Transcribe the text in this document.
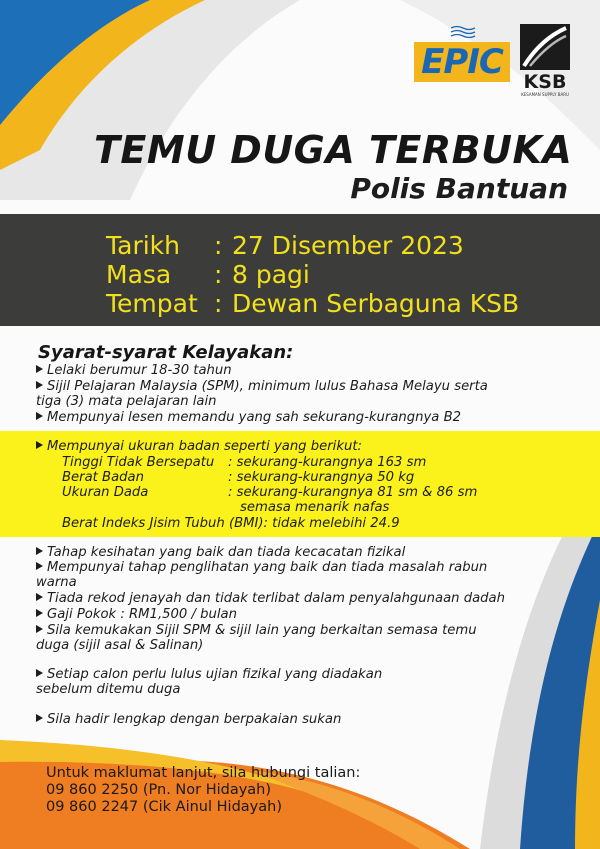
EPIC KSB
KESAMAN SUPPLY BARU
TEMU DUGA TERBUKA
Polis Bantuan
Tarikh : 27 Disember 2023
Masa : 8 pagi
Tempat : Dewan Serbaguna KSB
Syarat-syarat Kelayakan:
Lelaki berumur 18-30 tahun
Sijil Pelajaran Malaysia (SPM), minimum lulus Bahasa Melayu serta
tiga (3) mata pelajaran lain
Mempunyai lesen memandu yang sah sekurang-kurangnya B2
Mempunyai ukuran badan seperti yang berikut:
Tinggi Tidak Bersepatu : sekurang-kurangnya 163 sm
Berat Badan	: sekurang-kurangnya 50 kg
Ukuran Dada	: sekurang-kurangnya 81 sm & 86 sm
semasa menarik nafas
Berat Indeks Jisim Tubuh (BMI): tidak melebihi 24.9
Tahap kesihatan yang baik dan tiada kecacatan fizikal
Mempunyai tahap penglihatan yang baik dan tiada masalah rabun
warna
Tiada rekod jenayah dan tidak terlibat dalam penyalahgunaan dadah
Gaji Pokok : RM1,500 / bulan
Sila kemukakan Sijil SPM & sijil lain yang berkaitan semasa temu
duga (sijil asal & Salinan)
Setiap calon perlu lulus ujian fizikal yang diadakan
sebelum ditemu duga
Sila hadir lengkap dengan berpakaian sukan
Untuk maklumat lanjut, sila hubungi talian:
09 860 2250 (Pn. Nor Hidayah)
09 860 2247 (Cik Ainul Hidayah)
